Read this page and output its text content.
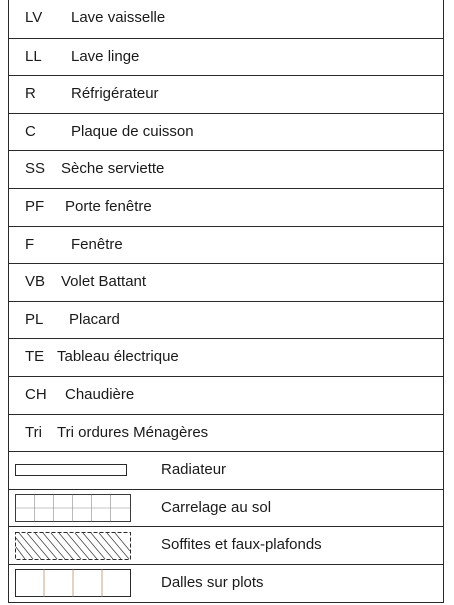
LV Lave vaisselle
LL Lave linge
R Réfrigérateur
C Plaque de cuisson
SS Sèche serviette
PF Porte fenêtre
F Fenêtre
VB Volet Battant
PL Placard
TE Tableau électrique
CH Chaudière
Tri Tri ordures Ménagères
Radiateur
Carrelage au sol
Soffites et faux-plafonds
Dalles sur plots
